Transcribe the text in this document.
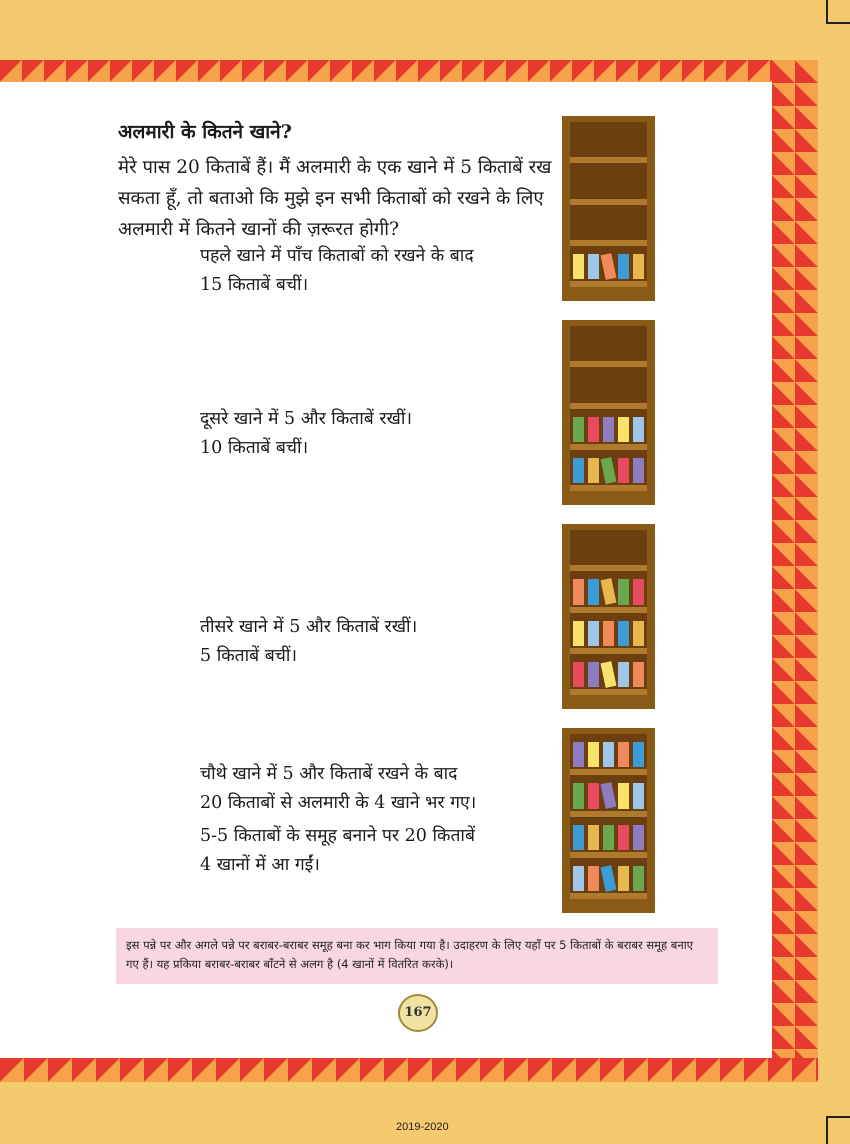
अलमारी के कितने खाने?
मेरे पास 20 किताबें हैं। मैं अलमारी के एक खाने में 5 किताबें रख सकता हूँ, तो बताओ कि मुझे इन सभी किताबों को रखने के लिए अलमारी में कितने खानों की ज़रूरत होगी?
पहले खाने में पाँच किताबों को रखने के बाद
15 किताबें बचीं।
दूसरे खाने में 5 और किताबें रखीं।
10 किताबें बचीं।
तीसरे खाने में 5 और किताबें रखीं।
5 किताबें बचीं।
चौथे खाने में 5 और किताबें रखने के बाद
20 किताबों से अलमारी के 4 खाने भर गए।
5-5 किताबों के समूह बनाने पर 20 किताबें
4 खानों में आ गईं।
इस पन्ने पर और अगले पन्ने पर बराबर-बराबर समूह बना कर भाग किया गया है। उदाहरण के लिए यहाँ पर 5 किताबों के बराबर समूह बनाए गए हैं। यह प्रकिया बराबर-बराबर बाँटने से अलग है (4 खानों में वितरित करके)।
167
2019-2020
